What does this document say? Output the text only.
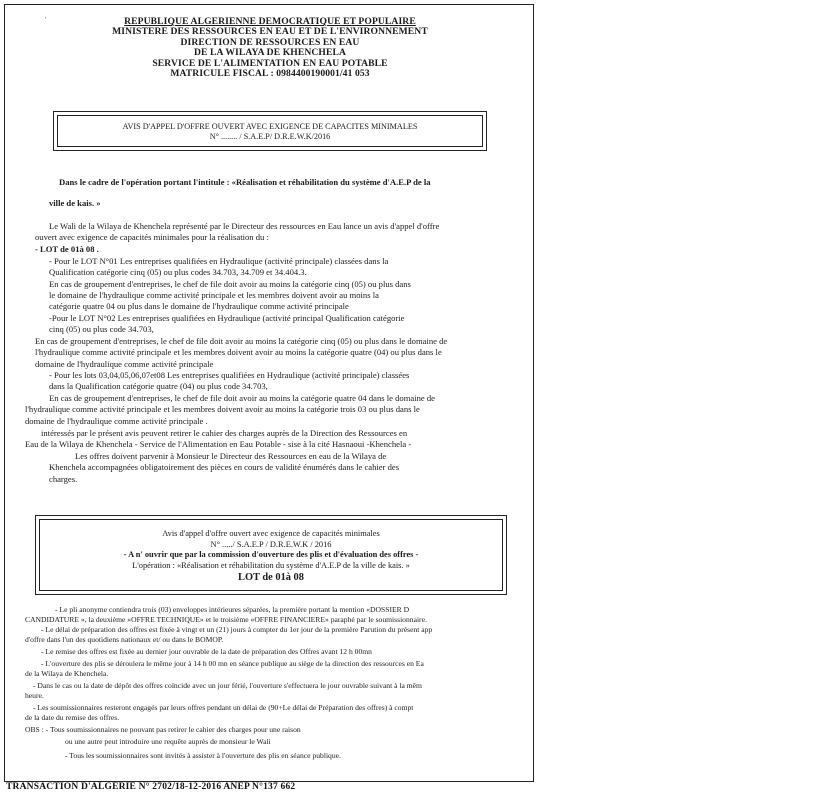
'	REPUBLIQUE ALGERIENNE DEMOCRATIQUE ET POPULAIRE
MINISTERE DES RESSOURCES EN EAU ET DE L'ENVIRONNEMENT
DIRECTION DE RESSOURCES EN EAU
DE LA WILAYA DE KHENCHELA
SERVICE DE L'ALIMENTATION EN EAU POTABLE
MATRICULE FISCAL : 0984400190001/41 053
AVIS D'APPEL D'OFFRE OUVERT AVEC EXIGENCE DE CAPACITES MINIMALES
N° ........ / S.A.E.P/ D.R.E.W.K/2016
Dans le cadre de l'opération portant l'intitule : «Réalisation et réhabilitation du système d'A.E.P de la
ville de kais. »
Le Wali de la Wilaya de Khenchela représenté par le Directeur des ressources en Eau lance un avis d'appel d'offre
ouvert avec exigence de capacités minimales pour la réalisation du :
- LOT de 01à 08 .
- Pour le LOT N°01 Les entreprises qualifiées en Hydraulique (activité principale) classées dans la
Qualification catégorie cinq (05) ou plus codes 34.703, 34.709 et 34.404.3.
En cas de groupement d'entreprises, le chef de file doit avoir au moins la catégorie cinq (05) ou plus dans
le domaine de l'hydraulique comme activité principale et les membres doivent avoir au moins la
catégorie quatre 04 ou plus dans le domaine de l'hydraulique comme activité principale
-Pour le LOT N°02 Les entreprises qualifiées en Hydraulique (activité principal Qualification catégorie
cinq (05) ou plus code 34.703,
En cas de groupement d'entreprises, le chef de file doit avoir au moins la catégorie cinq (05) ou plus dans le domaine de
l'hydraulique comme activité principale et les membres doivent avoir au moins la catégorie quatre (04) ou plus dans le
domaine de l'hydraulique comme activité principale
- Pour les lots 03,04,05,06,07et08 Les entreprises qualifiées en Hydraulique (activité principale) classées
dans la Qualification catégorie quatre (04) ou plus code 34.703,
En cas de groupement d'entreprises, le chef de file doit avoir au moins la catégorie quatre 04 dans le domaine de
l'hydraulique comme activité principale et les membres doivent avoir au moins la catégorie trois 03 ou plus dans le
domaine de l'hydraulique comme activité principale .
intéressés par le présent avis peuvent retirer le cahier des charges auprès de la Direction des Ressources en
Eau de la Wilaya de Khenchela - Service de l'Alimentation en Eau Potable - sise à la cité Hasnaoui -Khenchela -
Les offres doivent parvenir à Monsieur le Directeur des Ressources en eau de la Wilaya de
Khenchela accompagnées obligatoirement des pièces en cours de validité énumérés dans le cahier des
charges.
Avis d'appel d'offre ouvert avec exigence de capacités minimales
N° ...../ S.A.E.P / D.R.E.W.K / 2016
- A n' ouvrir que par la commission d'ouverture des plis et d'évaluation des offres -
L'opération : «Réalisation et réhabilitation du système d'A.E.P de la ville de kais. »
LOT de 01à 08
- Le pli anonyme contiendra trois (03) enveloppes intérieures séparées, la première portant la mention «DOSSIER D
CANDIDATURE », la deuxième «OFFRE TECHNIQUE» et le troisième «OFFRE FINANCIERE» paraphé par le soumissionnaire.
- Le délai de préparation des offres est fixée à vingt et un (21) jours à compter du 1er jour de la première Parution du présent app
d'offre dans l'un des quotidiens nationaux et/ ou dans le BOMOP.
- Le remise des offres est fixée au dernier jour ouvrable de la date de préparation des Offres avant 12 h 00mn
- L'ouverture des plis se déroulera le même jour à 14 h 00 mn en séance publique au siège de la direction des ressources en Ea
de la Wilaya de Khenchela.
- Dans le cas ou la date de dépôt des offres coïncide avec un jour férié, l'ouverture s'effectuera le jour ouvrable suivant à la mêm
heure.
- Les soumissionnaires resteront engagés par leurs offres pendant un délai de (90+Le délai de Préparation des offres) à compt
de la date du remise des offres.
OBS : - Tous soumissionnaires ne pouvant pas retirer le cahier des charges pour une raison
ou une autre peut introduire une requête auprès de monsieur le Wali
- Tous les soumissionnaires sont invités à assister à l'ouverture des plis en séance publique.
TRANSACTION D'ALGERIE N° 2702/18-12-2016 ANEP N°137 662
